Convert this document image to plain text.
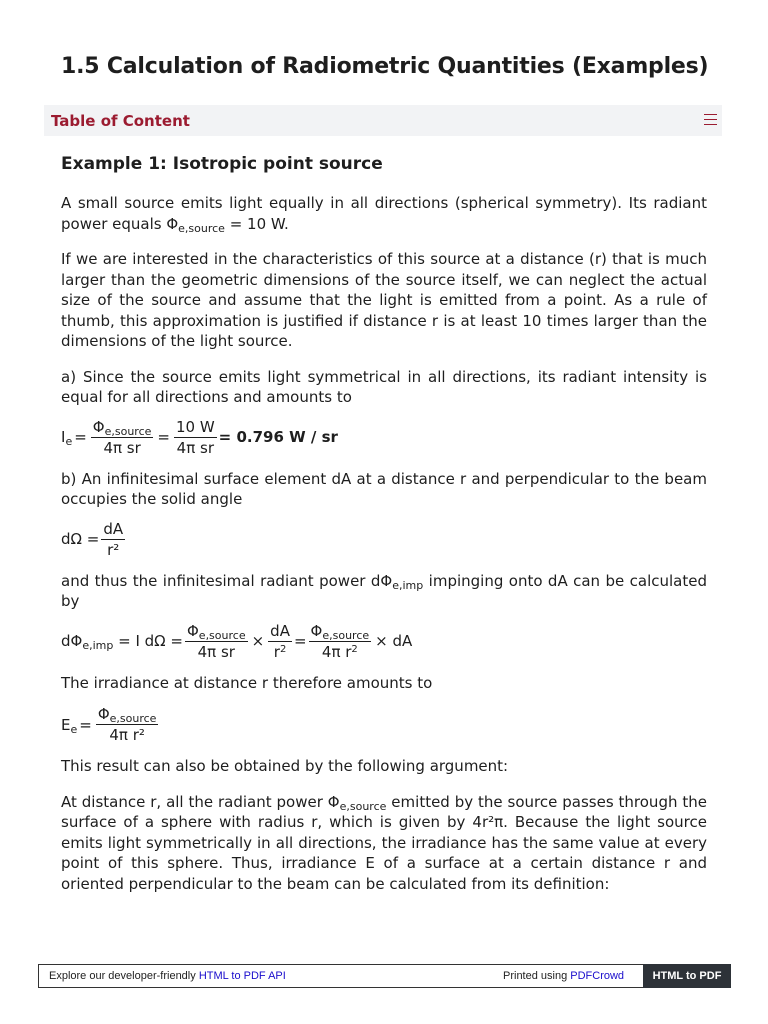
1.5 Calculation of Radiometric Quantities (Examples)
Table of Content
Example 1: Isotropic point source

A small source emits light equally in all directions (spherical symmetry). Its radiant power equals $\Phi_{e,source} = 10$ W.

If we are interested in the characteristics of this source at a distance (r) that is much larger than the geometric dimensions of the source itself, we can neglect the actual size of the source and assume that the light is emitted from a point. As a rule of thumb, this approximation is justified if distance r is at least 10 times larger than the dimensions of the light source.

a) Since the source emits light symmetrical in all directions, its radiant intensity is equal for all directions and amounts to

$I_e = \frac{\Phi_{e,source}}{\text{4π sr}} = \frac{10 W}{\text{4π sr}} = 0.796$ W / sr

b) An infinitesimal surface element dA at a distance r and perpendicular to the beam occupies the solid angle

$d\Omega = \frac{dA}{\text{r²}}$

and thus the infinitesimal radiant power $d\Phi_{e,imp}$ impinging onto dA can be calculated by

$d\Phi_{e,imp} = I$ $d\Omega = \frac{\Phi_{e,source}}{\text{4π sr}} \times \frac{dA}{r^2} = \frac{\Phi_{e,source}}{4\pi r^2}$ × dA

The irradiance at distance r therefore amounts to

$E_e = \frac{\Phi_{e,source}}{\text{4π r²}}$

This result can also be obtained by the following argument:

At distance r, all the radiant power $\Phi_{e,source}$ emitted by the source passes through the surface of a sphere with radius r, which is given by 4r²π. Because the light source emits light symmetrically in all directions, the irradiance has the same value at every point of this sphere. Thus, irradiance E of a surface at a certain distance r and oriented perpendicular to the beam can be calculated from its definition:

Explore our developer-friendly HTML to PDF API	Printed using PDFCrowd	HTML to PDF
